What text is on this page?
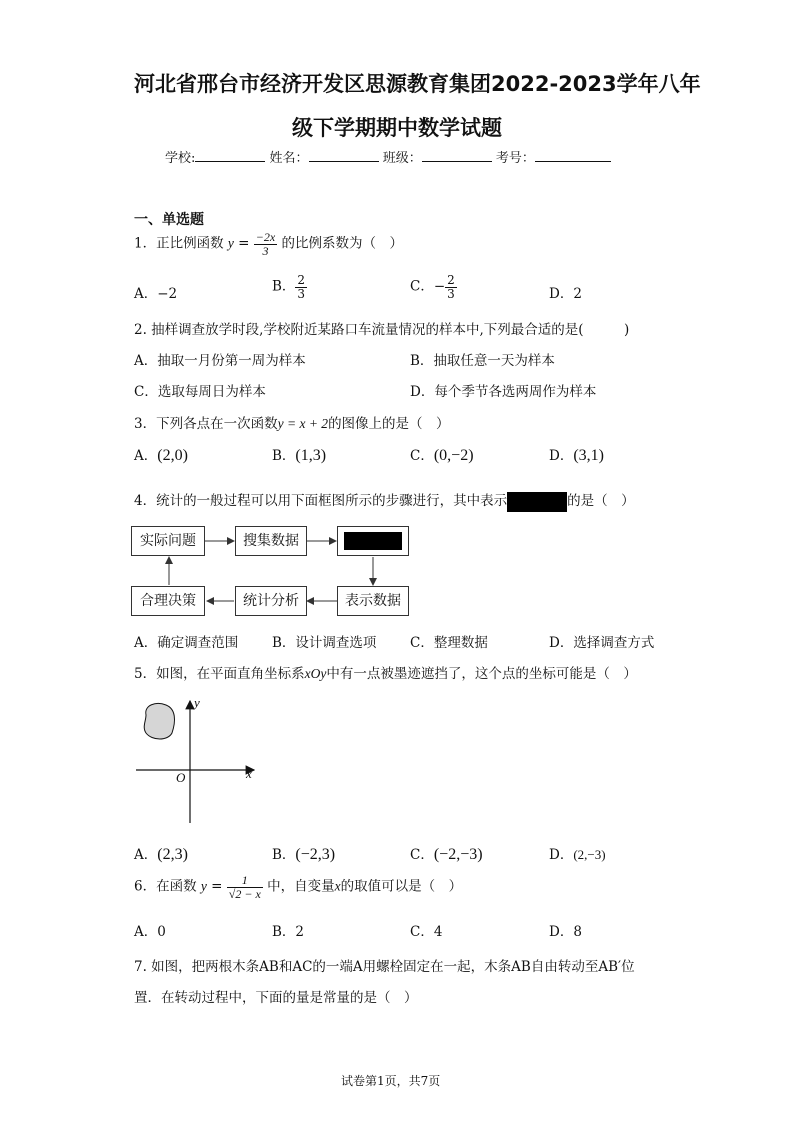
河北省邢台市经济开发区思源教育集团2022-2023学年八年
级下学期期中数学试题
学校:	姓名：	班级：	考号：
一、单选题
1．正比例函数 $y = \frac{-2x}{3}$ 的比例系数为（　）
A．−2	B． $\frac{2}{3}$	C．− $\frac{2}{3}$	D．2
2. 抽样调查放学时段,学校附近某路口车流量情况的样本中,下列最合适的是(　　　)
A．抽取一月份第一周为样本	B．抽取任意一天为样本
C．选取每周日为样本	D．每个季节各选两周作为样本
3．下列各点在一次函数y = x + 2的图像上的是（　）
A．(2,0)	B．(1,3)	C．(0,−2)	D．(3,1)
4．统计的一般过程可以用下面框图所示的步骤进行，其中表示	的是（　）
实际问题	搜集数据
表示数据
统计分析
合理决策
A．确定调查范围	B．设计调查选项 C．整理数据	D．选择调查方式
5．如图，在平面直角坐标系xOy中有一点被墨迹遮挡了，这个点的坐标可能是（　）
y
x
O
A．(2,3)	B．(−2,3)	C．(−2,−3)	D．(2,−3)
6．在函数 $y = \frac{1}{√2 - x}$ 中，自变量x的取值可以是（　）
A．0	B．2	C．4	D．8
7. 如图，把两根木条AB和AC的一端A用螺栓固定在一起，木条AB自由转动至AB′位
置．在转动过程中，下面的量是常量的是（　）
试卷第1页，共7页
